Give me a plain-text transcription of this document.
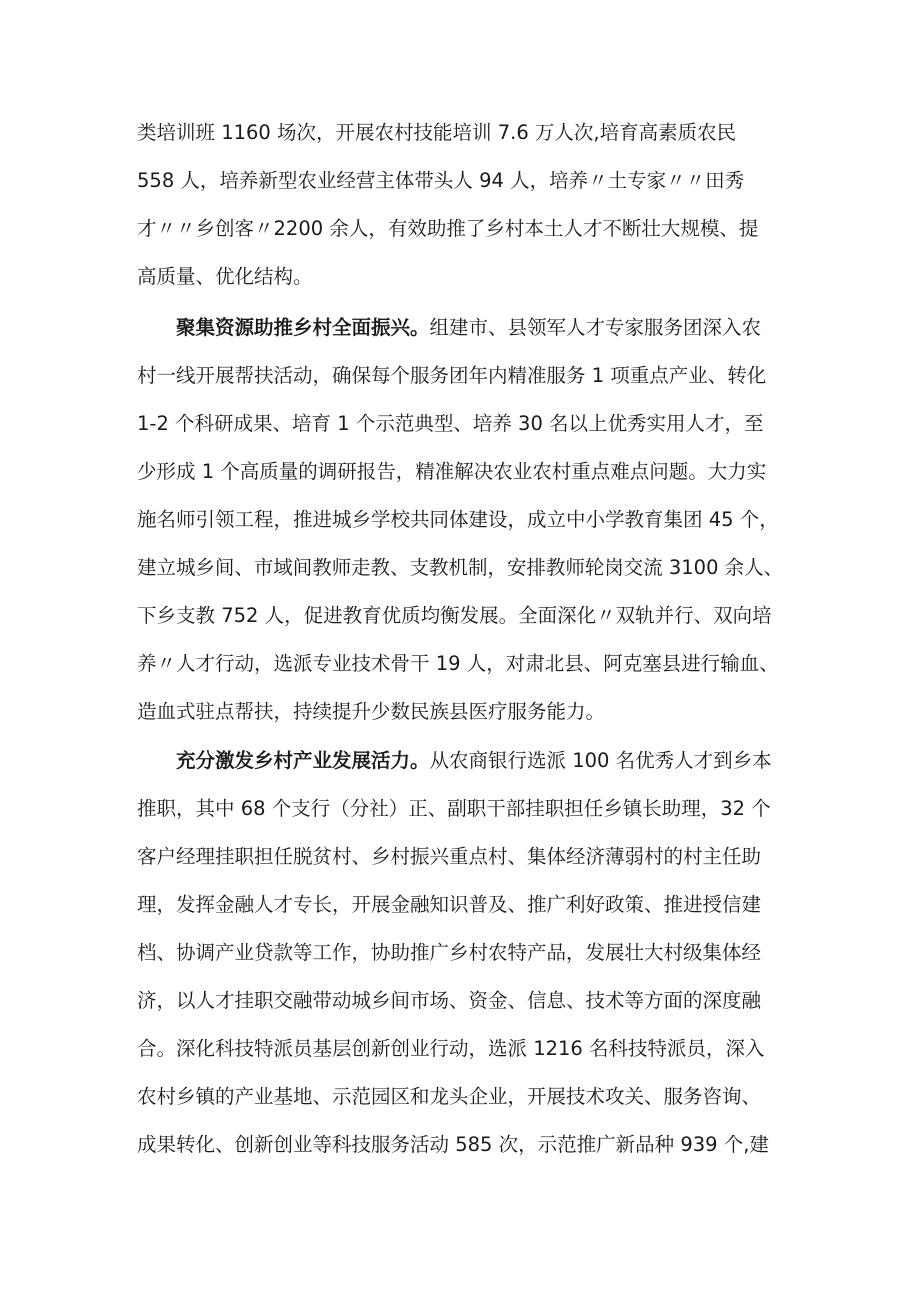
类培训班 1160 场次，开展农村技能培训 7.6 万人次,培育高素质农民
558 人，培养新型农业经营主体带头人 94 人，培养〃土专家〃〃田秀
才〃〃乡创客〃2200 余人，有效助推了乡村本土人才不断壮大规模、提
高质量、优化结构。
聚集资源助推乡村全面振兴。组建市、县领军人才专家服务团深入农
村一线开展帮扶活动，确保每个服务团年内精准服务 1 项重点产业、转化
1-2 个科研成果、培育 1 个示范典型、培养 30 名以上优秀实用人才，至
少形成 1 个高质量的调研报告，精准解决农业农村重点难点问题。大力实
施名师引领工程，推进城乡学校共同体建设，成立中小学教育集团 45 个，
建立城乡间、市域间教师走教、支教机制，安排教师轮岗交流 3100 余人、
下乡支教 752 人，促进教育优质均衡发展。全面深化〃双轨并行、双向培
养〃人才行动，选派专业技术骨干 19 人，对肃北县、阿克塞县进行输血、
造血式驻点帮扶，持续提升少数民族县医疗服务能力。
充分激发乡村产业发展活力。从农商银行选派 100 名优秀人才到乡本
推职，其中 68 个支行（分社）正、副职干部挂职担任乡镇长助理，32 个
客户经理挂职担任脱贫村、乡村振兴重点村、集体经济薄弱村的村主任助
理，发挥金融人才专长，开展金融知识普及、推广利好政策、推进授信建
档、协调产业贷款等工作，协助推广乡村农特产品，发展壮大村级集体经
济，以人才挂职交融带动城乡间市场、资金、信息、技术等方面的深度融
合。深化科技特派员基层创新创业行动，选派 1216 名科技特派员，深入
农村乡镇的产业基地、示范园区和龙头企业，开展技术攻关、服务咨询、
成果转化、创新创业等科技服务活动 585 次，示范推广新品种 939 个,建
